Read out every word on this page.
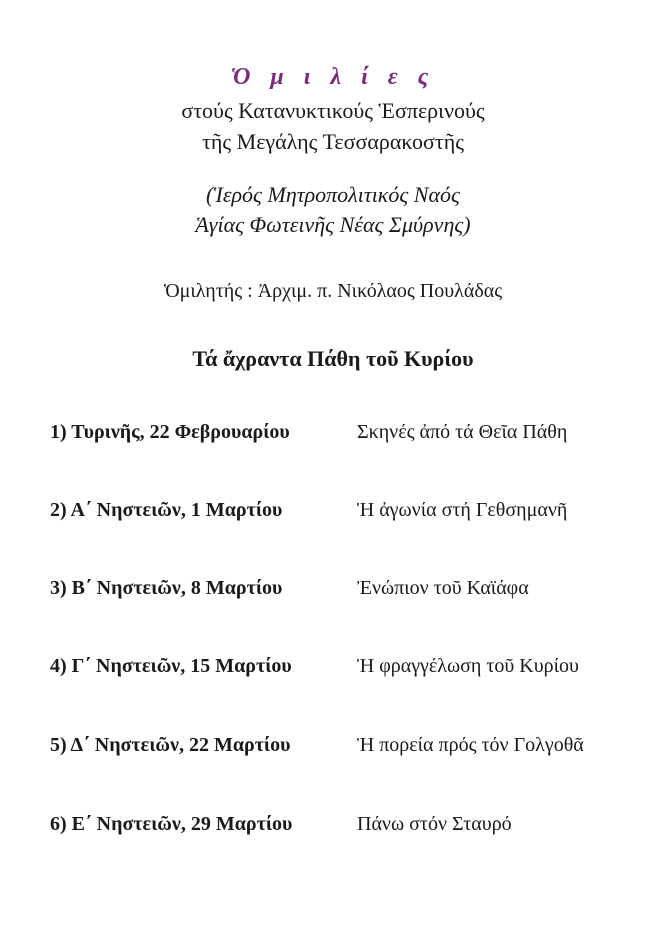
Ὁ μ ι λ ί ε ς
στούς Κατανυκτικούς Ἑσπερινούς
τῆς Μεγάλης Τεσσαρακοστῆς
(Ἱερός Μητροπολιτικός Ναός
Ἁγίας Φωτεινῆς Νέας Σμύρνης)
Ὁμιλητής : Ἀρχιμ. π. Νικόλαος Πουλάδας
Τά ἄχραντα Πάθη τοῦ Κυρίου
1) Τυρινῆς, 22 Φεβρουαρίου	Σκηνές ἀπό τά Θεῖα Πάθη
2) Α΄ Νηστειῶν, 1 Μαρτίου	Ἡ ἀγωνία στή Γεθσημανῆ
3) Β΄ Νηστειῶν, 8 Μαρτίου	Ἐνώπιον τοῦ Καϊάφα
4) Γ΄ Νηστειῶν, 15 Μαρτίου	Ἡ φραγγέλωση τοῦ Κυρίου
5) Δ΄ Νηστειῶν, 22 Μαρτίου	Ἡ πορεία πρός τόν Γολγοθᾶ
6) Ε΄ Νηστειῶν, 29 Μαρτίου	Πάνω στόν Σταυρό
